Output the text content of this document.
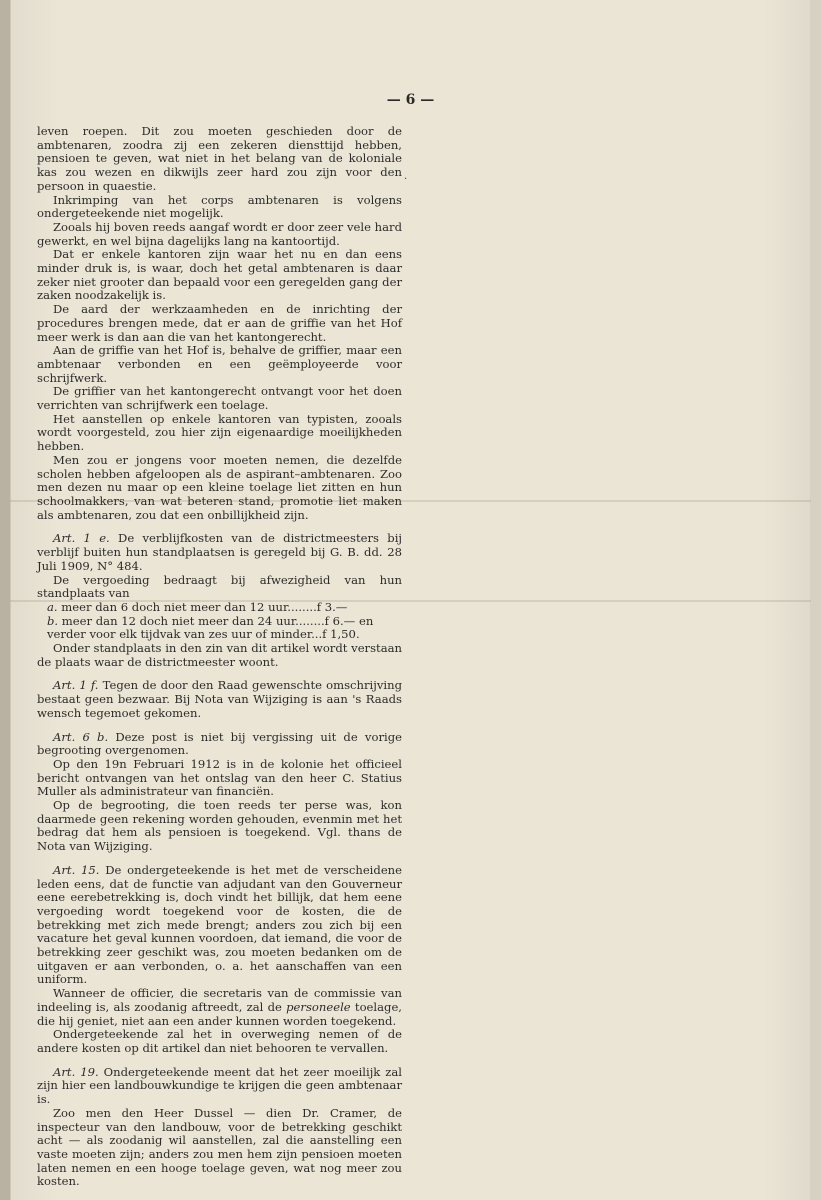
— 6 —
·

leven roepen. Dit zou moeten geschieden door de ambtenaren, zoodra zij een zekeren diensttijd hebben, pensioen te geven, wat niet in het belang van de koloniale kas zou wezen en dikwijls zeer hard zou zijn voor den persoon in quaestie.

Inkrimping van het corps ambtenaren is volgens ondergeteekende niet mogelijk.

Zooals hij boven reeds aangaf wordt er door zeer vele hard gewerkt, en wel bijna dagelijks lang na kantoortijd.

Dat er enkele kantoren zijn waar het nu en dan eens minder druk is, is waar, doch het getal ambtenaren is daar zeker niet grooter dan bepaald voor een geregelden gang der zaken noodzakelijk is.

De aard der werkzaamheden en de inrichting der procedures brengen mede, dat er aan de griffie van het Hof meer werk is dan aan die van het kantongerecht.

Aan de griffie van het Hof is, behalve de griffier, maar een ambtenaar verbonden en een geëmployeerde voor schrijfwerk.

De griffier van het kantongerecht ontvangt voor het doen verrichten van schrijfwerk een toelage.

Het aanstellen op enkele kantoren van typisten, zooals wordt voorgesteld, zou hier zijn eigenaardige moeilijkheden hebben.

Men zou er jongens voor moeten nemen, die dezelfde scholen hebben afgeloopen als de aspirant–ambtenaren. Zoo men dezen nu maar op een kleine toelage liet zitten en hun schoolmakkers, van wat beteren stand, promotie liet maken als ambtenaren, zou dat een onbillijkheid zijn.

Art. 1 e. De verblijfkosten van de districtmeesters bij verblijf buiten hun standplaatsen is geregeld bij G. B. dd. 28 Juli 1909, N° 484.

De vergoeding bedraagt bij afwezigheid van hun standplaats van

a. meer dan 6 doch niet meer dan 12 uur........f 3.—
b. meer dan 12 doch niet meer dan 24 uur........f 6.— en
verder voor elk tijdvak van zes uur of minder...f 1,50.

Onder standplaats in den zin van dit artikel wordt verstaan de plaats waar de districtmeester woont.

Art. 1 f. Tegen de door den Raad gewenschte omschrijving bestaat geen bezwaar. Bij Nota van Wijziging is aan 's Raads wensch tegemoet gekomen.

Art. 6 b. Deze post is niet bij vergissing uit de vorige begrooting overgenomen.

Op den 19n Februari 1912 is in de kolonie het officieel bericht ontvangen van het ontslag van den heer C. Statius Muller als administrateur van financiën.

Op de begrooting, die toen reeds ter perse was, kon daarmede geen rekening worden gehouden, evenmin met het bedrag dat hem als pensioen is toegekend. Vgl. thans de Nota van Wijziging.

Art. 15. De ondergeteekende is het met de verscheidene leden eens, dat de functie van adjudant van den Gouverneur eene eerebetrekking is, doch vindt het billijk, dat hem eene vergoeding wordt toegekend voor de kosten, die de betrekking met zich mede brengt; anders zou zich bij een vacature het geval kunnen voordoen, dat iemand, die voor de betrekking zeer geschikt was, zou moeten bedanken om de uitgaven er aan verbonden, o. a. het aanschaffen van een uniform.

Wanneer de officier, die secretaris van de commissie van indeeling is, als zoodanig aftreedt, zal de personeele toelage, die hij geniet, niet aan een ander kunnen worden toegekend.

Ondergeteekende zal het in overweging nemen of de andere kosten op dit artikel dan niet behooren te vervallen.

Art. 19. Ondergeteekende meent dat het zeer moeilijk zal zijn hier een landbouwkundige te krijgen die geen ambtenaar is.

Zoo men den Heer Dussel — dien Dr. Cramer, de inspecteur van den landbouw, voor de betrekking geschikt acht — als zoodanig wil aanstellen, zal die aanstelling een vaste moeten zijn; anders zou men hem zijn pensioen moeten laten nemen en een hooge toelage geven, wat nog meer zou kosten.
